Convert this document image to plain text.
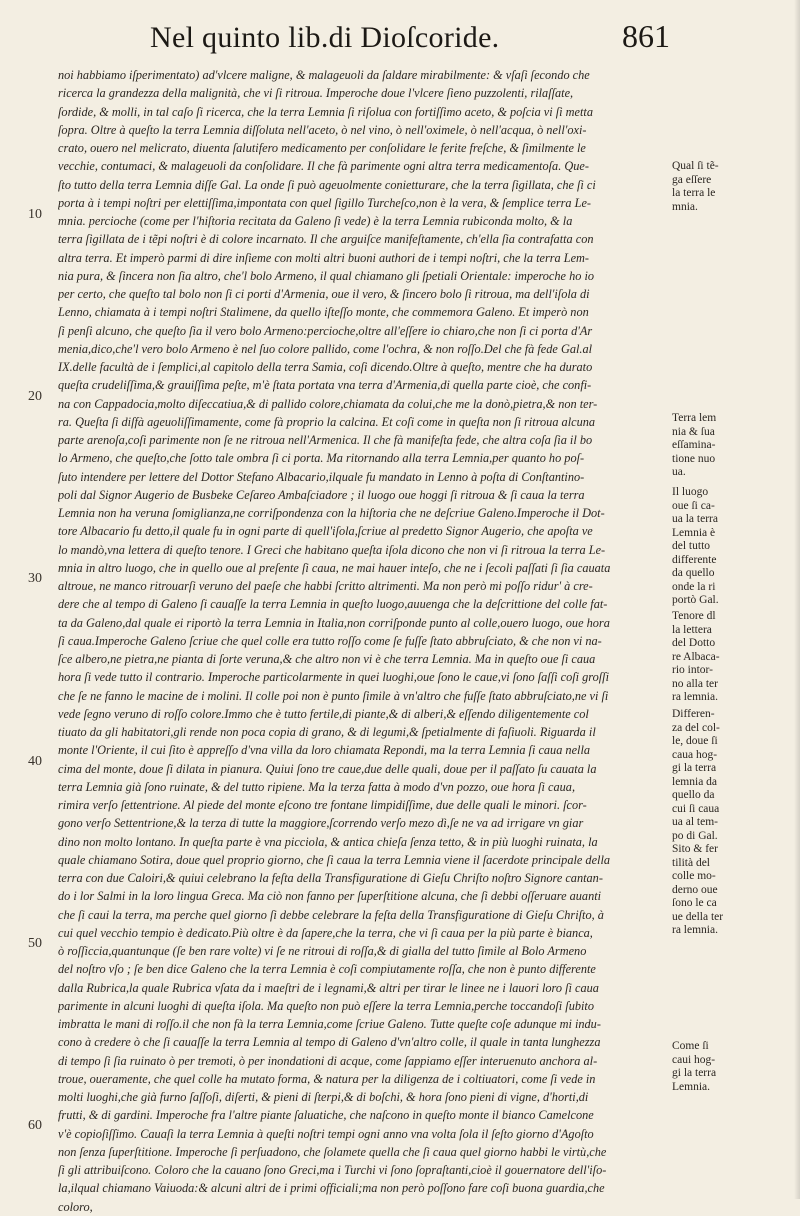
Nel quinto lib.di Dioſcoride.	861
10
20
30
40
50
60
noi habbiamo iſperimentato) ad'vlcere maligne, & malageuoli da ſaldare mirabilmente: & vſaſi ſecondo che
ricerca la grandezza della malignità, che vi ſi ritroua. Imperoche doue l'vlcere ſieno puzzolenti, rilaſſate,
ſordide, & molli, in tal caſo ſi ricerca, che la terra Lemnia ſi riſolua con fortiſſimo aceto, & poſcia vi ſi metta
ſopra. Oltre à queſto la terra Lemnia diſſoluta nell'aceto, ò nel vino, ò nell'oximele, ò nell'acqua, ò nell'oxi-
crato, ouero nel melicrato, diuenta ſalutifero medicamento per conſolidare le ferite freſche, & ſimilmente le
vecchie, contumaci, & malageuoli da conſolidare. Il che fà parimente ogni altra terra medicamentoſa. Que-
ſto tutto della terra Lemnia diſſe Gal. La onde ſi può ageuolmente conietturare, che la terra ſigillata, che ſi ci
porta à i tempi noſtri per elettiſſima,impontata con quel ſigillo Turcheſco,non è la vera, & ſemplice terra Le-
mnia. percioche (come per l'hiſtoria recitata da Galeno ſi vede) è la terra Lemnia rubiconda molto, & la
terra ſigillata de i tẽpi noſtri è di colore incarnato. Il che arguiſce manifeſtamente, ch'ella ſia contrafatta con
altra terra. Et imperò parmi di dire inſieme con molti altri buoni authori de i tempi noſtri, che la terra Lem-
nia pura, & ſincera non ſia altro, che'l bolo Armeno, il qual chiamano gli ſpetiali Orientale: imperoche ho io
per certo, che queſto tal bolo non ſi ci porti d'Armenia, oue il vero, & ſincero bolo ſi ritroua, ma dell'iſola di
Lenno, chiamata à i tempi noſtri Stalimene, da quello iſteſſo monte, che commemora Galeno. Et imperò non
ſi penſi alcuno, che queſto ſia il vero bolo Armeno:percioche,oltre all'eſſere io chiaro,che non ſi ci porta d'Ar
menia,dico,che'l vero bolo Armeno è nel ſuo colore pallido, come l'ochra, & non roſſo.Del che fà fede Gal.al
IX.delle facultà de i ſemplici,al capitolo della terra Samia, coſi dicendo.Oltre à queſto, mentre che ha durato
queſta crudeliſſima,& grauiſſima peſte, m'è ſtata portata vna terra d'Armenia,di quella parte cioè, che confi-
na con Cappadocia,molto diſeccatiua,& di pallido colore,chiamata da colui,che me la donò,pietra,& non ter-
ra. Queſta ſi diſfà ageuoliſſimamente, come fà proprio la calcina. Et coſi come in queſta non ſi ritroua alcuna
parte arenoſa,coſi parimente non ſe ne ritroua nell'Armenica. Il che fà manifeſta fede, che altra coſa ſia il bo
lo Armeno, che queſto,che ſotto tale ombra ſi ci porta. Ma ritornando alla terra Lemnia,per quanto ho poſ-
ſuto intendere per lettere del Dottor Stefano Albacario,ilquale fu mandato in Lenno à poſta di Conſtantino-
poli dal Signor Augerio de Busbeke Ceſareo Ambaſciadore ; il luogo oue hoggi ſi ritroua & ſi caua la terra
Lemnia non ha veruna ſomiglianza,ne corriſpondenza con la hiſtoria che ne deſcriue Galeno.Imperoche il Dot-
tore Albacario fu detto,il quale fu in ogni parte di quell'iſola,ſcriue al predetto Signor Augerio, che apoſta ve
lo mandò,vna lettera di queſto tenore. I Greci che habitano queſta iſola dicono che non vi ſi ritroua la terra Le-
mnia in altro luogo, che in quello oue al preſente ſi caua, ne mai hauer inteſo, che ne i ſecoli paſſati ſi ſia cauata
altroue, ne manco ritrouarſi veruno del paeſe che habbi ſcritto altrimenti. Ma non però mi poſſo ridur' à cre-
dere che al tempo di Galeno ſi cauaſſe la terra Lemnia in queſto luogo,auuenga che la deſcrittione del colle fat-
ta da Galeno,dal quale ei riportò la terra Lemnia in Italia,non corriſponde punto al colle,ouero luogo, oue hora
ſi caua.Imperoche Galeno ſcriue che quel colle era tutto roſſo come ſe fuſſe ſtato abbruſciato, & che non vi na-
ſce albero,ne pietra,ne pianta di ſorte veruna,& che altro non vi è che terra Lemnia. Ma in queſto oue ſi caua
hora ſi vede tutto il contrario. Imperoche particolarmente in quei luoghi,oue ſono le caue,vi ſono ſaſſi coſi groſſi
che ſe ne fanno le macine de i molini. Il colle poi non è punto ſimile à vn'altro che fuſſe ſtato abbruſciato,ne vi ſi
vede ſegno veruno di roſſo colore.Immo che è tutto fertile,di piante,& di alberi,& eſſendo diligentemente col
tiuato da gli habitatori,gli rende non poca copia di grano, & di legumi,& ſpetialmente di faſiuoli. Riguarda il
monte l'Oriente, il cui ſito è appreſſo d'vna villa da loro chiamata Repondi, ma la terra Lemnia ſi caua nella
cima del monte, doue ſi dilata in pianura. Quiui ſono tre caue,due delle quali, doue per il paſſato ſu cauata la
terra Lemnia già ſono ruinate, & del tutto ripiene. Ma la terza fatta à modo d'vn pozzo, oue hora ſi caua,
rimira verſo ſettentrione. Al piede del monte eſcono tre fontane limpidiſſime, due delle quali le minori. ſcor-
gono verſo Settentrione,& la terza di tutte la maggiore,ſcorrendo verſo mezo dì,ſe ne va ad irrigare vn giar
dino non molto lontano. In queſta parte è vna picciola, & antica chieſa ſenza tetto, & in più luoghi ruinata, la
quale chiamano Sotira, doue quel proprio giorno, che ſi caua la terra Lemnia viene il ſacerdote principale della
terra con due Caloiri,& quiui celebrano la feſta della Transfiguratione di Gieſu Chriſto noſtro Signore cantan-
do i lor Salmi in la loro lingua Greca. Ma ciò non fanno per ſuperſtitione alcuna, che ſi debbi oſſeruare auanti
che ſi caui la terra, ma perche quel giorno ſi debbe celebrare la feſta della Transfiguratione di Gieſu Chriſto, à
cui quel vecchio tempio è dedicato.Più oltre è da ſapere,che la terra, che vi ſi caua per la più parte è bianca,
ò roſſiccia,quantunque (ſe ben rare volte) vi ſe ne ritroui di roſſa,& di gialla del tutto ſimile al Bolo Armeno
del noſtro vſo ; ſe ben dice Galeno che la terra Lemnia è coſi compiutamente roſſa, che non è punto differente
dalla Rubrica,la quale Rubrica vſata da i maeſtri de i legnami,& altri per tirar le linee ne i lauori loro ſi caua
parimente in alcuni luoghi di queſta iſola. Ma queſto non può eſſere la terra Lemnia,perche toccandoſi ſubito
imbratta le mani di roſſo.il che non fà la terra Lemnia,come ſcriue Galeno. Tutte queſte coſe adunque mi indu-
cono à credere ò che ſi cauaſſe la terra Lemnia al tempo di Galeno d'vn'altro colle, il quale in tanta lunghezza
di tempo ſi ſia ruinato ò per tremoti, ò per inondationi di acque, come ſappiamo eſſer interuenuto anchora al-
troue, oueramente, che quel colle ha mutato forma, & natura per la diligenza de i coltiuatori, come ſi vede in
molti luoghi,che già furno ſaſſoſi, diſerti, & pieni di ſterpi,& di boſchi, & hora ſono pieni di vigne, d'horti,di
frutti, & di gardini. Imperoche fra l'altre piante ſaluatiche, che naſcono in queſto monte il bianco Camelcone
v'è copioſiſſimo. Cauaſi la terra Lemnia à queſti noſtri tempi ogni anno vna volta ſola il ſeſto giorno d'Agoſto
non ſenza ſuperſtitione. Imperoche ſi perſuadono, che ſolamete quella che ſi caua quel giorno habbi le virtù,che
ſi gli attribuiſcono. Coloro che la cauano ſono Greci,ma i Turchi vi ſono ſopraſtanti,cioè il gouernatore dell'iſo-
la,ilqual chiamano Vaiuoda:& alcuni altri de i primi officiali;ma non però poſſono fare coſi buona guardia,che
coloro,
Qual ſi tẽ-
ga eſſere
la terra le
mnia.
Terra lem
nia & ſua
eſſamina-
tione nuo
ua.
Il luogo
oue ſi ca-
ua la terra
Lemnia è
del tutto
differente
da quello
onde la ri
portò Gal.
Tenore dl
la lettera
del Dotto
re Albaca-
rio intor-
no alla ter
ra lemnia.
Differen-
za del col-
le, doue ſi
caua hog-
gi la terra
lemnia da
quello da
cui ſi caua
ua al tem-
po di Gal.
Sito & fer
tilità del
colle mo-
derno oue
ſono le ca
ue della ter
ra lemnia.
Come ſi
caui hog-
gi la terra
Lemnia.
